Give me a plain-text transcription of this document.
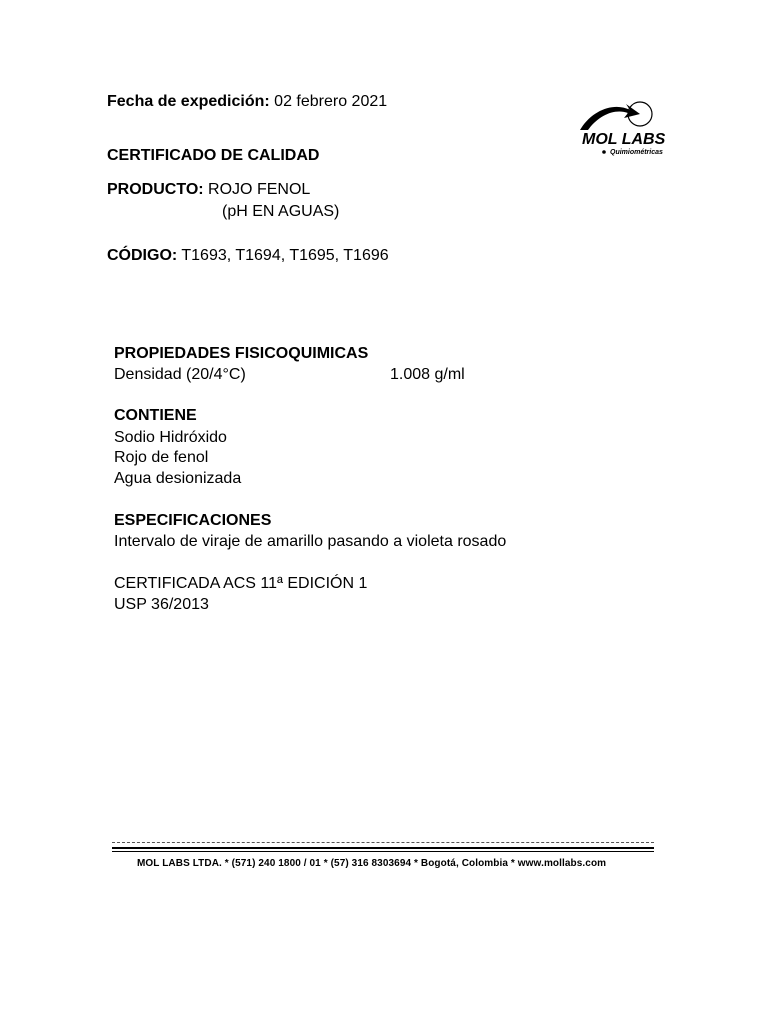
Fecha de expedición: 02 febrero 2021
MOL LABS
Quimiométricas
CERTIFICADO DE CALIDAD
PRODUCTO: ROJO FENOL
(pH EN AGUAS)
CÓDIGO: T1693, T1694, T1695, T1696
PROPIEDADES FISICOQUIMICAS
Densidad (20/4°C)	1.008 g/ml
CONTIENE
Sodio Hidróxido
Rojo de fenol
Agua desionizada
ESPECIFICACIONES
Intervalo de viraje de amarillo pasando a violeta rosado
CERTIFICADA ACS 11ª EDICIÓN 1
USP 36/2013
MOL LABS LTDA. * (571) 240 1800 / 01 * (57) 316 8303694 * Bogotá, Colombia * www.mollabs.com
